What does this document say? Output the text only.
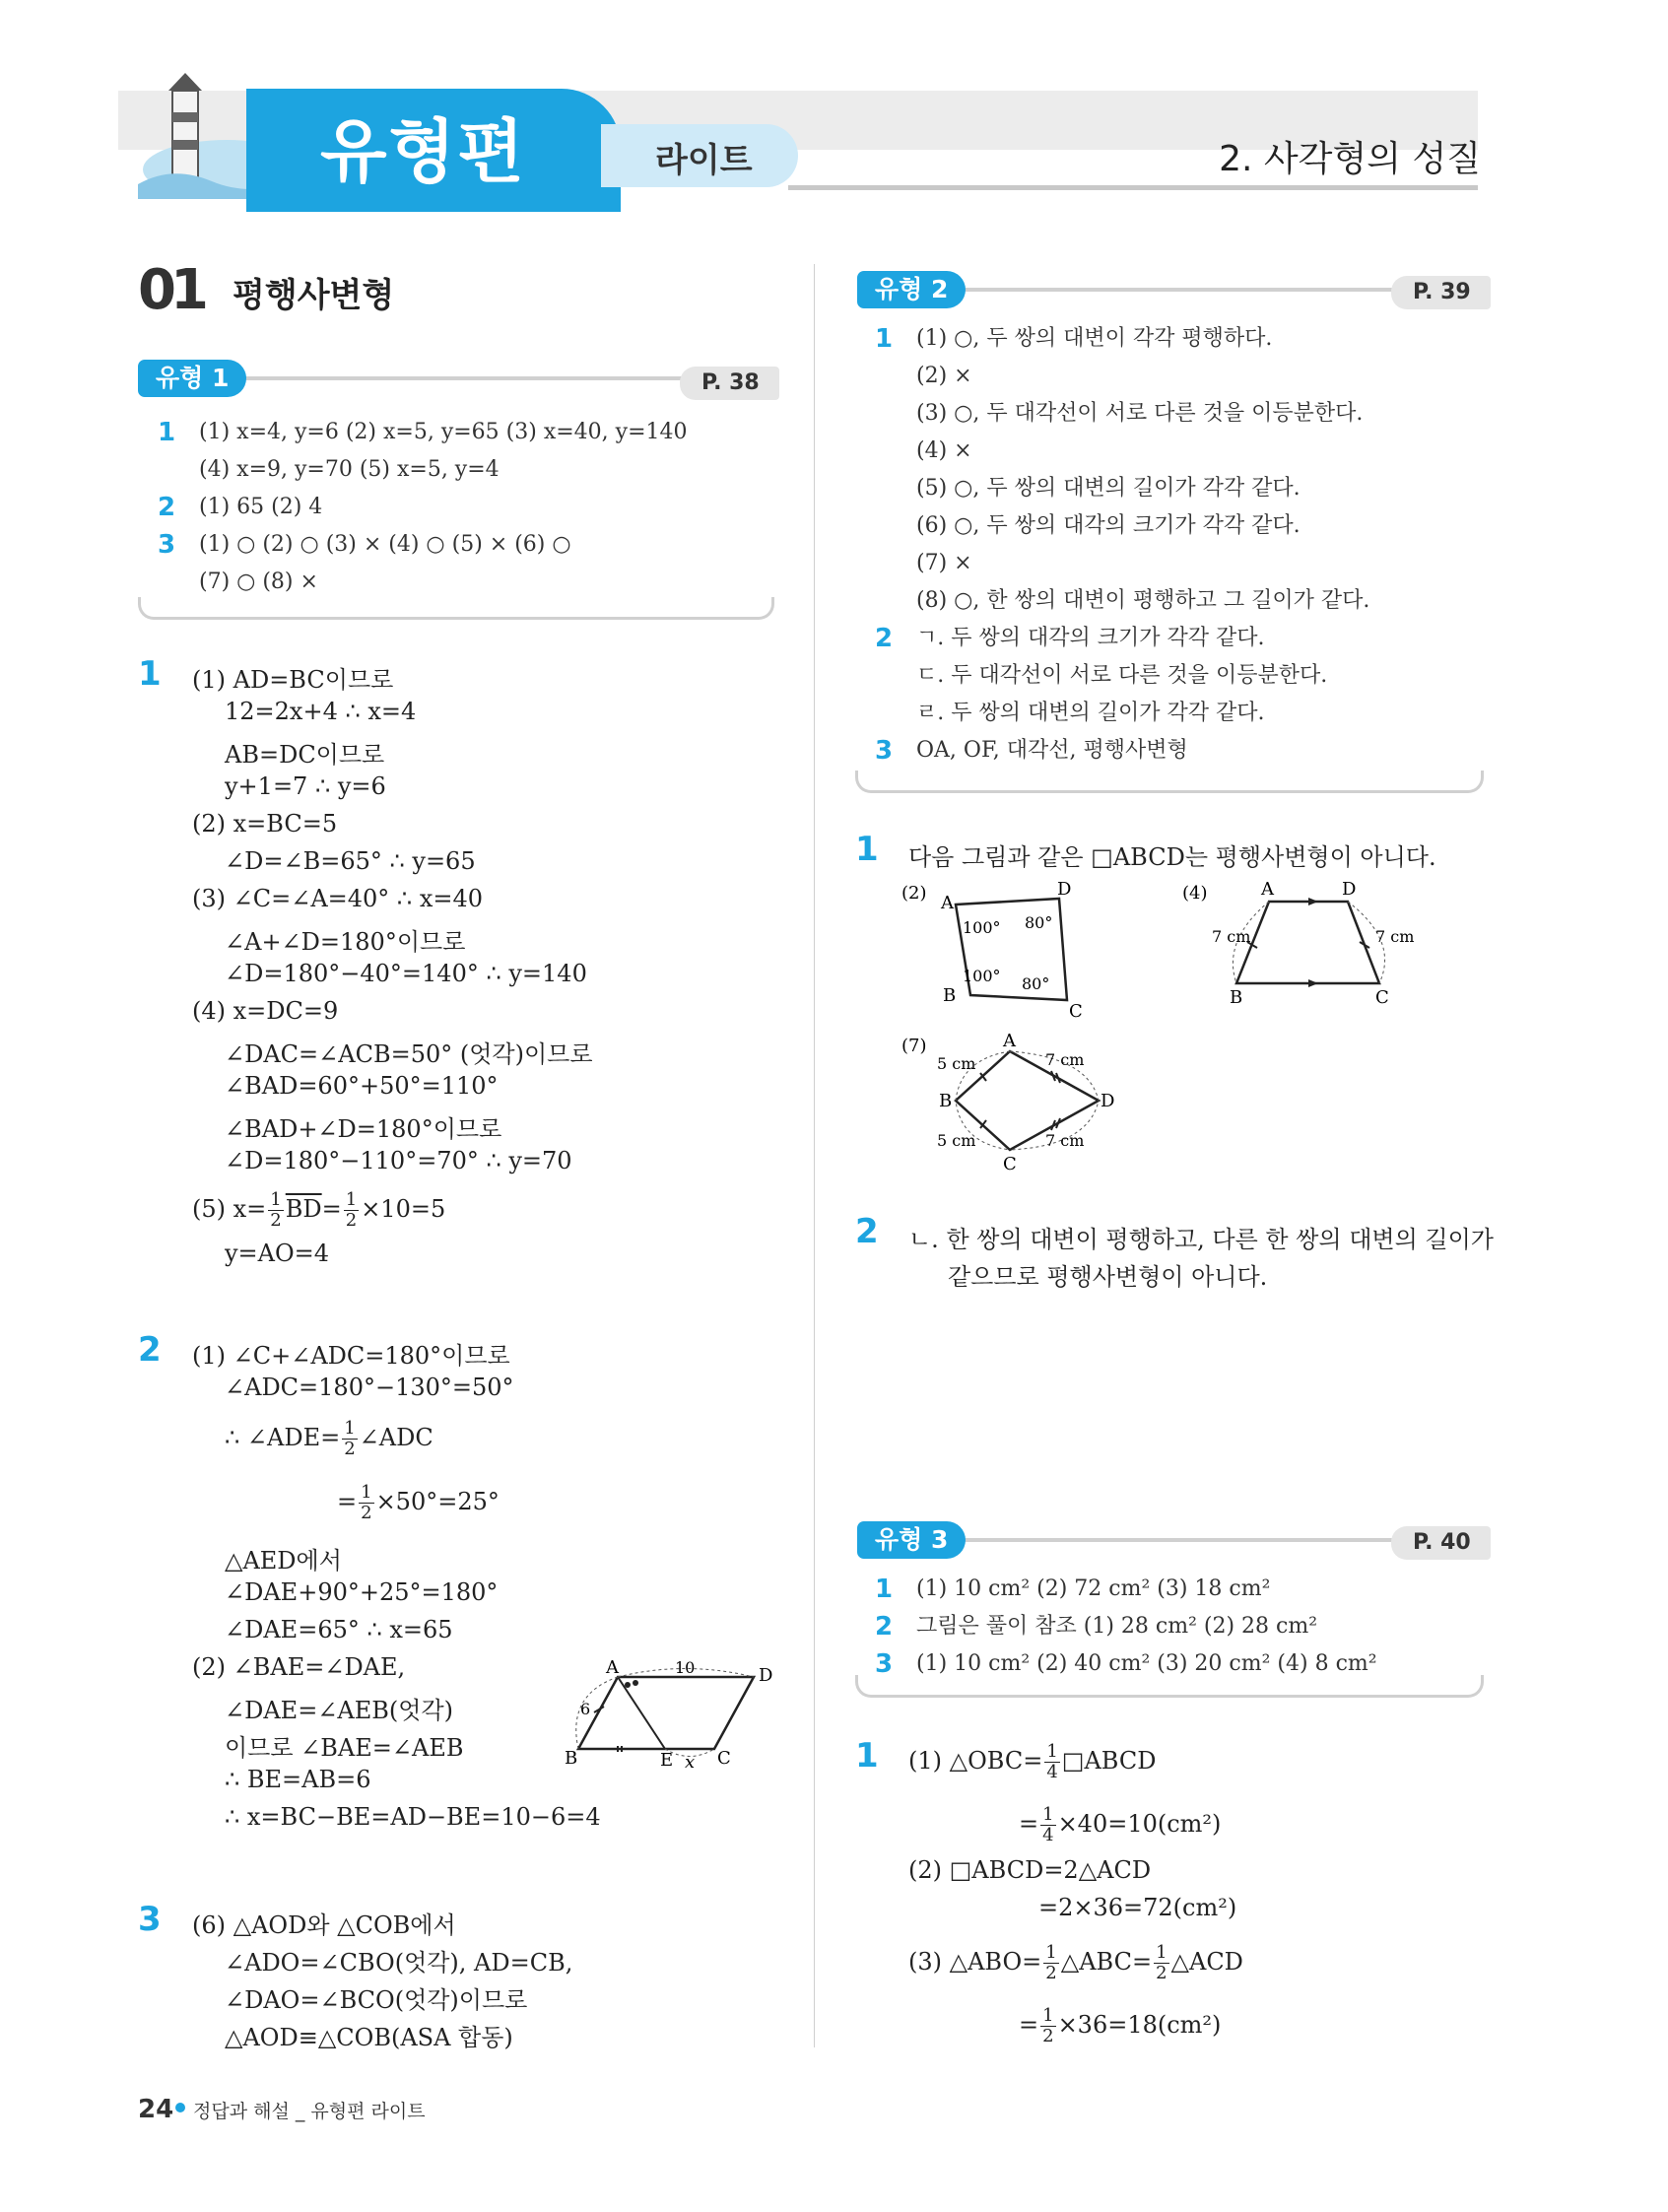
유형편	라이트	2. 사각형의 성질
01 평행사변형
유형 1	P. 38
1 (1) x=4, y=6 (2) x=5, y=65 (3) x=40, y=140
(4) x=9, y=70 (5) x=5, y=4
2 (1) 65 (2) 4
3 (1) ○ (2) ○ (3) × (4) ○ (5) × (6) ○
(7) ○ (8) ×
1 (1) AD=BC이므로
12=2x+4 ∴ x=4
AB=DC이므로
y+1=7 ∴ y=6
(2) x=BC=5
∠D=∠B=65° ∴ y=65
(3) ∠C=∠A=40° ∴ x=40
∠A+∠D=180°이므로
∠D=180°−40°=140° ∴ y=140
(4) x=DC=9
∠DAC=∠ACB=50° (엇각)이므로
∠BAD=60°+50°=110°
∠BAD+∠D=180°이므로
∠D=180°−110°=70° ∴ y=70
(5) $x= \frac{1}{2} \overline{BD}= \frac{1}{2} \times 10=5$
y=AO=4
2 (1) ∠C+∠ADC=180°이므로
∠ADC=180°−130°=50°
∴ ∠ADE= $\frac{1}{2}$ ∠ADC
= $\frac{1}{2} \times 50^\circ=25^\circ$
△AED에서
∠DAE+90°+25°=180°
∠DAE=65° ∴ x=65
(2) ∠BAE=∠DAE,
∠DAE=∠AEB(엇각)
이므로 ∠BAE=∠AEB
∴ BE=AB=6
∴ x=BC−BE=AD−BE=10−6=4
A	D
B	C
E x
6
10
3 (6) △AOD와 △COB에서
∠ADO=∠CBO(엇각), AD=CB,
∠DAO=∠BCO(엇각)이므로
△AOD≡△COB(ASA 합동)
유형 2	P. 39
1 (1) ○, 두 쌍의 대변이 각각 평행하다.
(2) ×
(3) ○, 두 대각선이 서로 다른 것을 이등분한다.
(4) ×
(5) ○, 두 쌍의 대변의 길이가 각각 같다.
(6) ○, 두 쌍의 대각의 크기가 각각 같다.
(7) ×
(8) ○, 한 쌍의 대변이 평행하고 그 길이가 같다.
2 ㄱ. 두 쌍의 대각의 크기가 각각 같다.
ㄷ. 두 대각선이 서로 다른 것을 이등분한다.
ㄹ. 두 쌍의 대변의 길이가 각각 같다.
3 OA, OF, 대각선, 평행사변형
1 다음 그림과 같은 □ABCD는 평행사변형이 아니다.
(2) A
D
B
C
100° 80°
100° 80°
(4)	A	D
B	C
7 cm	7 cm
(7)	A
B
C
D
5 cm	7 cm
5 cm	7 cm
2 ㄴ. 한 쌍의 대변이 평행하고, 다른 한 쌍의 대변의 길이가
같으므로 평행사변형이 아니다.
유형 3	P. 40
1 (1) 10 cm² (2) 72 cm² (3) 18 cm²
2 그림은 풀이 참조 (1) 28 cm² (2) 28 cm²
3 (1) 10 cm² (2) 40 cm² (3) 20 cm² (4) 8 cm²
1 (1) △OBC= $\frac{1}{4}$ □ABCD
= $\frac{1}{4} \times 40=10(cm^2)$
(2) □ABCD=2△ACD
=2×36=72(cm²)
(3) △ABO= $\frac{1}{2}$ △ABC= $\frac{1}{2}$ △ACD
= $\frac{1}{2} \times 36=18(cm^2)$
24 정답과 해설 _ 유형편 라이트
